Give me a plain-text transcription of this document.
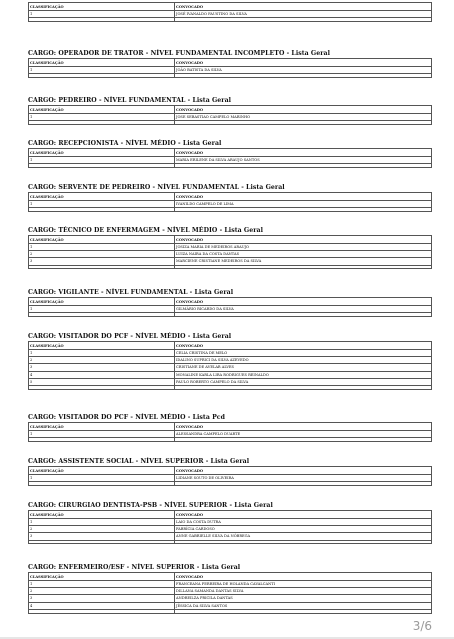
CLASSIFICAÇÃO	CONVOCADO
1	JOSÉ IVANALDO FAUSTINO DA SILVA

CARGO: OPERADOR DE TRATOR - NÍVEL FUNDAMENTAL INCOMPLETO - Lista Geral
CLASSIFICAÇÃO	CONVOCADO
1	JOÃO BATISTA DA SILVA

CARGO: PEDREIRO - NÍVEL FUNDAMENTAL - Lista Geral
CLASSIFICAÇÃO	CONVOCADO
1	JOSE SEBASTIAO CAMPELO MARINHO

CARGO: RECEPCIONISTA - NÍVEL MÉDIO - Lista Geral
CLASSIFICAÇÃO	CONVOCADO
1	MARIA ERILENE DA SILVA ARAUJO SANTOS

CARGO: SERVENTE DE PEDREIRO - NÍVEL FUNDAMENTAL - Lista Geral
CLASSIFICAÇÃO	CONVOCADO
1	IVANILDO CAMPELO DE LIMA

CARGO: TÉCNICO DE ENFERMAGEM - NÍVEL MÉDIO - Lista Geral
CLASSIFICAÇÃO	CONVOCADO
1	JOSIZA MARIA DE MEDEIROS ARAUJO
2	LUIZA NAIRA DA COSTA DANTAS
3	MARCIENE CRISTIANE MEDEIROS DA SILVA

CARGO: VIGILANTE - NÍVEL FUNDAMENTAL - Lista Geral
CLASSIFICAÇÃO	CONVOCADO
1	GILMÁRIO RICARDO DA SILVA

CARGO: VISITADOR DO PCF - NÍVEL MÉDIO - Lista Geral
CLASSIFICAÇÃO	CONVOCADO
1	CELIA CRISTINA DE MELO
2	IDALINO SUPRICI DA SILVA AZEVEDO
3	CRISTIANE DE AVELAR ALVES
4	MONALINE KARLA LIRA RODRIGUES REINALDO
5	PAULO ROBERTO CAMPELO DA SILVA

CARGO: VISITADOR DO PCF - NÍVEL MÉDIO - Lista Pcd
CLASSIFICAÇÃO	CONVOCADO
1	ALESSANDRA CAMPELO DUARTE

CARGO: ASSISTENTE SOCIAL - NÍVEL SUPERIOR - Lista Geral
CLASSIFICAÇÃO	CONVOCADO
1	LIDIANE SOUTO DE OLIVEIRA

CARGO: CIRURGIAO DENTISTA-PSB - NÍVEL SUPERIOR - Lista Geral
CLASSIFICAÇÃO	CONVOCADO
1	LAIO DA COSTA DUTRA
2	FABRÍCIA CARDOSO
3	ANNE GABRIELLE SILVA DA NÓBREGA

CARGO: ENFERMEIRO/ESF - NÍVEL SUPERIOR - Lista Geral
CLASSIFICAÇÃO	CONVOCADO
1	FRANCEANA FERREIRA DE HOLANDA CAVALCANTI
2	DILLANA SAMANDA DANTAS SILVA
3	ANDREILZA PRICILA DANTAS
4	JÉSSICA DA SILVA SANTOS

3/6
